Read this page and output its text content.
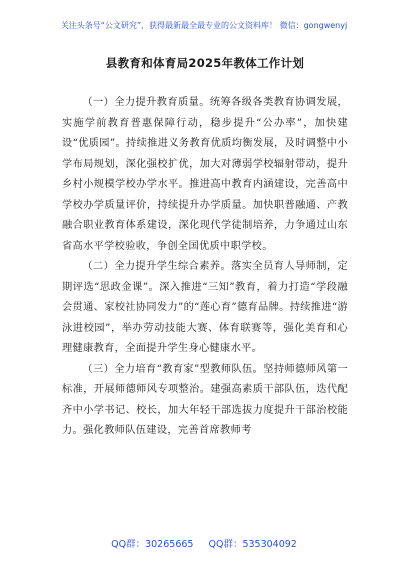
关注头条号“公文研究”，获得最新最全最专业的公文资料库！ 微信：gongwenyj
县教育和体育局2025年教体工作计划

（一）全力提升教育质量。统筹各级各类教育协调发展，实施学前教育普惠保障行动，稳步提升“公办率”，加快建设“优质园”。持续推进义务教育优质均衡发展，及时调整中小学布局规划，深化强校扩优，加大对薄弱学校辐射带动，提升乡村小规模学校办学水平。推进高中教育内涵建设，完善高中学校办学质量评价，持续提升办学质量。加快职普融通、产教融合职业教育体系建设，深化现代学徒制培养，力争通过山东省高水平学校验收，争创全国优质中职学校。

（二）全力提升学生综合素养。落实全员育人导师制，定期评选“思政金课”。深入推进“三知”教育，着力打造“学段融会贯通、家校社协同发力”的“莲心育”德育品牌。持续推进“游泳进校园”，举办劳动技能大赛、体育联赛等，强化美育和心理健康教育，全面提升学生身心健康水平。

（三）全力培育“教育家”型教师队伍。坚持师德师风第一标准，开展师德师风专项整治。建强高素质干部队伍，迭代配齐中小学书记、校长，加大年轻干部选拔力度提升干部治校能力。强化教师队伍建设，完善首席教师考

QQ群：30265665 QQ群：535304092
